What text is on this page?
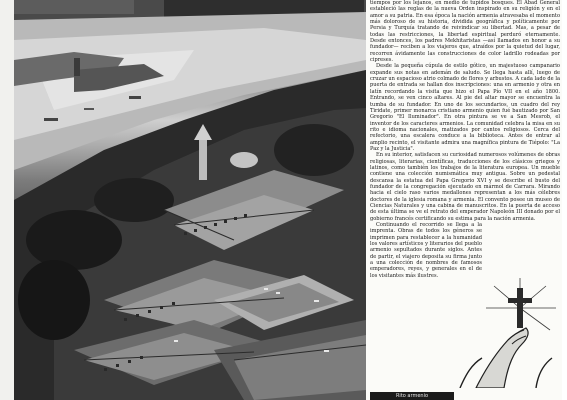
tiempos por los lejanos, en medio de tupidos bosques. El Abad General estableció las reglas de la nueva Orden inspirado en su religión y en el amor a su patria. En esa época la nación armenia atravesaba el momento más doloroso de su historia, dividida geográfica y políticamente por Persia y Turquía tratando de reivindicar su libertad. Mas, a pesar de todas las restricciones, la libertad espiritual perduró eternamente. Desde entonces, los padres Mekhitaristas —así llamados en honor a su fundador— reciben a los viajeros que, atraídos por la quietud del lugar, recorren ávidamente las construcciones de color ladrillo rodeadas por cipreses.

Desde la pequeña cúpula de estilo gótico, un majestuoso campanario expande sus notas en ademán de saludo. Se llega hasta allí, luego de cruzar un espacioso atrio colmado de flores y arbustos. A cada lado de la puerta de entrada se hallan dos inscripciones: una en armenio y otra en latín recordando la visita que hizo el Papa Pío VII en el año 1800. Entrando, se ven cinco altares. Al pie del altar mayor se encuentra la tumba de su fundador. En uno de los secundarios, un cuadro del rey Tiridate, primer monarca cristiano armenio quien fué bautizado por San Gregorio "El Iluminador". En otra pintura se ve a San Mesrob, el inventor de los caracteres armenios. La comunidad celebra la misa en su rito e idioma nacionales, matizados por cantos religiosos. Cerca del refectorio, una escalera conduce a la biblioteca. Antes de entrar al amplio recinto, el visitante admira una magnífica pintura de Tiépolo: "La Paz y la Justicia".

En su interior, satisfacen su curiosidad numerosos volúmenes de obras religiosas, literarias, científicas, traducciones de los clásicos griegos y latinos, como también los trabajos de la literatura europea. Un mueble contiene una colección numismática muy antigua. Sobre un pedestal descansa la estatua del Papa Gregorio XVI y se describe el busto del fundador de la congregación ejecutado en mármol de Carrara. Mirando hacia el cielo raso varios medallones representan a los más célebres doctores de la iglesia romana y armenia. El convento posee un museo de Ciencias Naturales y una cabina de manuscritos. En la puerta de acceso de esta última se ve el retrato del emperador Napoleón III donado por el gobierno francés certificando su estima para la nación armenia.

Continuando el recorrido se llega a la imprenta. Obras de todos los géneros se imprimen para restablecer a la humanidad los valores artísticos y literarios del pueblo armenio sepultados durante siglos. Antes de partir, el viajero deposita su firma junto a una colección de nombres de famosos emperadores, reyes, y generales en el de los visitantes más ilustres.

Rito armenio
